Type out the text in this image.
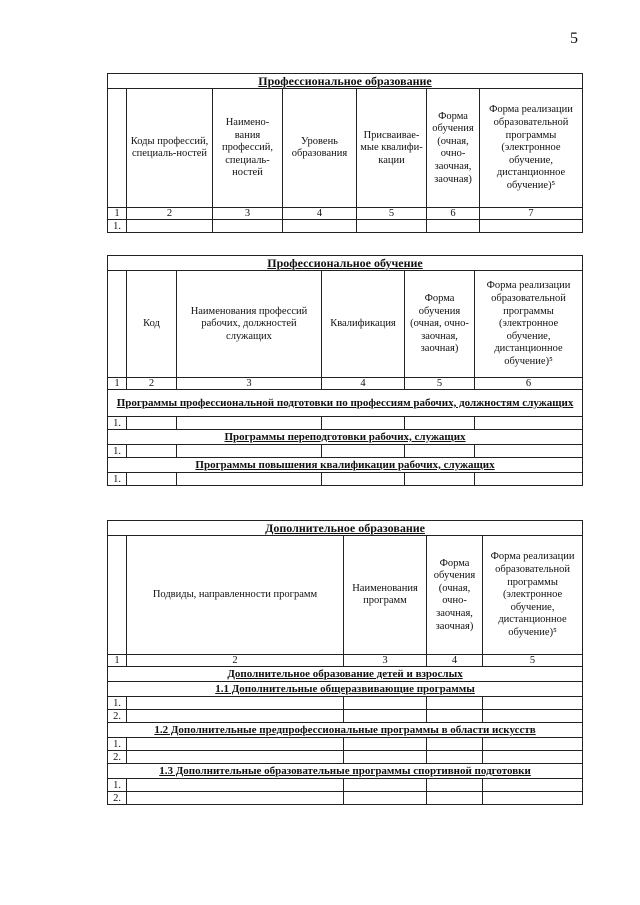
5
Профессиональное образование						
	Коды профессий, специаль-ностей	Наимено-вания профессий, специаль-ностей	Уровень образования	Присваивае-мые квалифи-кации	Форма обучения (очная, очно-заочная, заочная)	Форма реализации образовательной программы (электронное обучение, дистанционное обучение)⁵
1	2	3	4	5	6	7
1.						
Профессиональное обучение					
	Код	Наименования профессий рабочих, должностей служащих	Квалификация	Форма обучения (очная, очно-заочная, заочная)	Форма реализации образовательной программы (электронное обучение, дистанционное обучение)⁵
1	2	3	4	5	6
Программы профессиональной подготовки по профессиям рабочих, должностям служащих					
1.					
Программы переподготовки рабочих, служащих					
1.					
Программы повышения квалификации рабочих, служащих					
1.					
Дополнительное образование				
	Подвиды, направленности программ	Наименования программ	Форма обучения (очная, очно-заочная, заочная)	Форма реализации образовательной программы (электронное обучение, дистанционное обучение)⁵
1	2	3	4	5
Дополнительное образование детей и взрослых				
1.1 Дополнительные общеразвивающие программы				
1.				
2.				
1.2 Дополнительные предпрофессиональные программы в области искусств				
1.				
2.				
1.3 Дополнительные образовательные программы спортивной подготовки				
1.				
2.				
